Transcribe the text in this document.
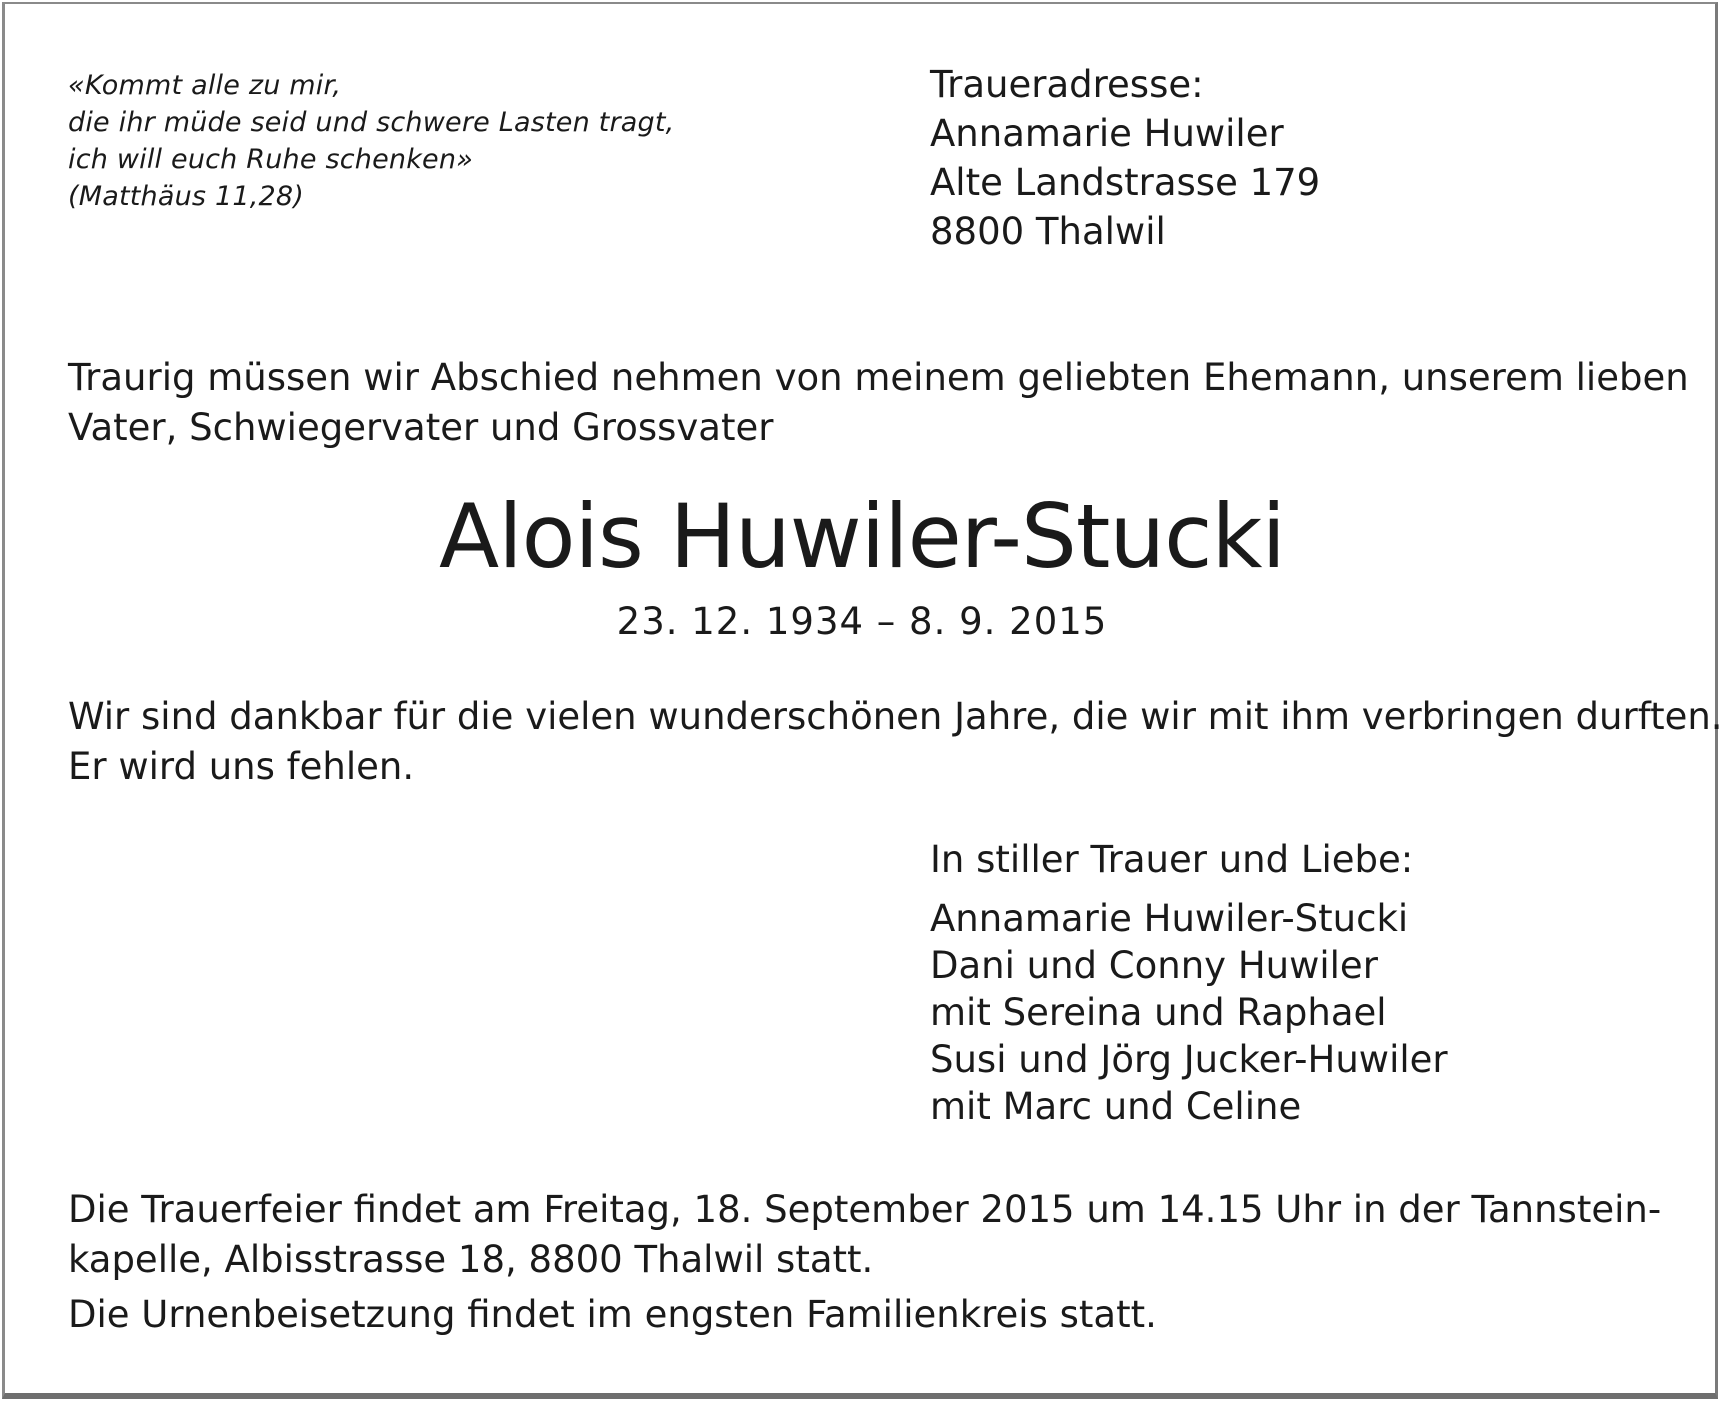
«Kommt alle zu mir,
die ihr müde seid und schwere Lasten tragt,
ich will euch Ruhe schenken»
(Matthäus 11,28)
Traueradresse:
Annamarie Huwiler
Alte Landstrasse 179
8800 Thalwil
Traurig müssen wir Abschied nehmen von meinem geliebten Ehemann, unserem lieben
Vater, Schwiegervater und Grossvater
Alois Huwiler-Stucki
23. 12. 1934 – 8. 9. 2015
Wir sind dankbar für die vielen wunderschönen Jahre, die wir mit ihm verbringen durften.
Er wird uns fehlen.
In stiller Trauer und Liebe:
Annamarie Huwiler-Stucki
Dani und Conny Huwiler
mit Sereina und Raphael
Susi und Jörg Jucker-Huwiler
mit Marc und Celine
Die Trauerfeier findet am Freitag, 18. September 2015 um 14.15 Uhr in der Tannstein-
kapelle, Albisstrasse 18, 8800 Thalwil statt.
Die Urnenbeisetzung findet im engsten Familienkreis statt.
